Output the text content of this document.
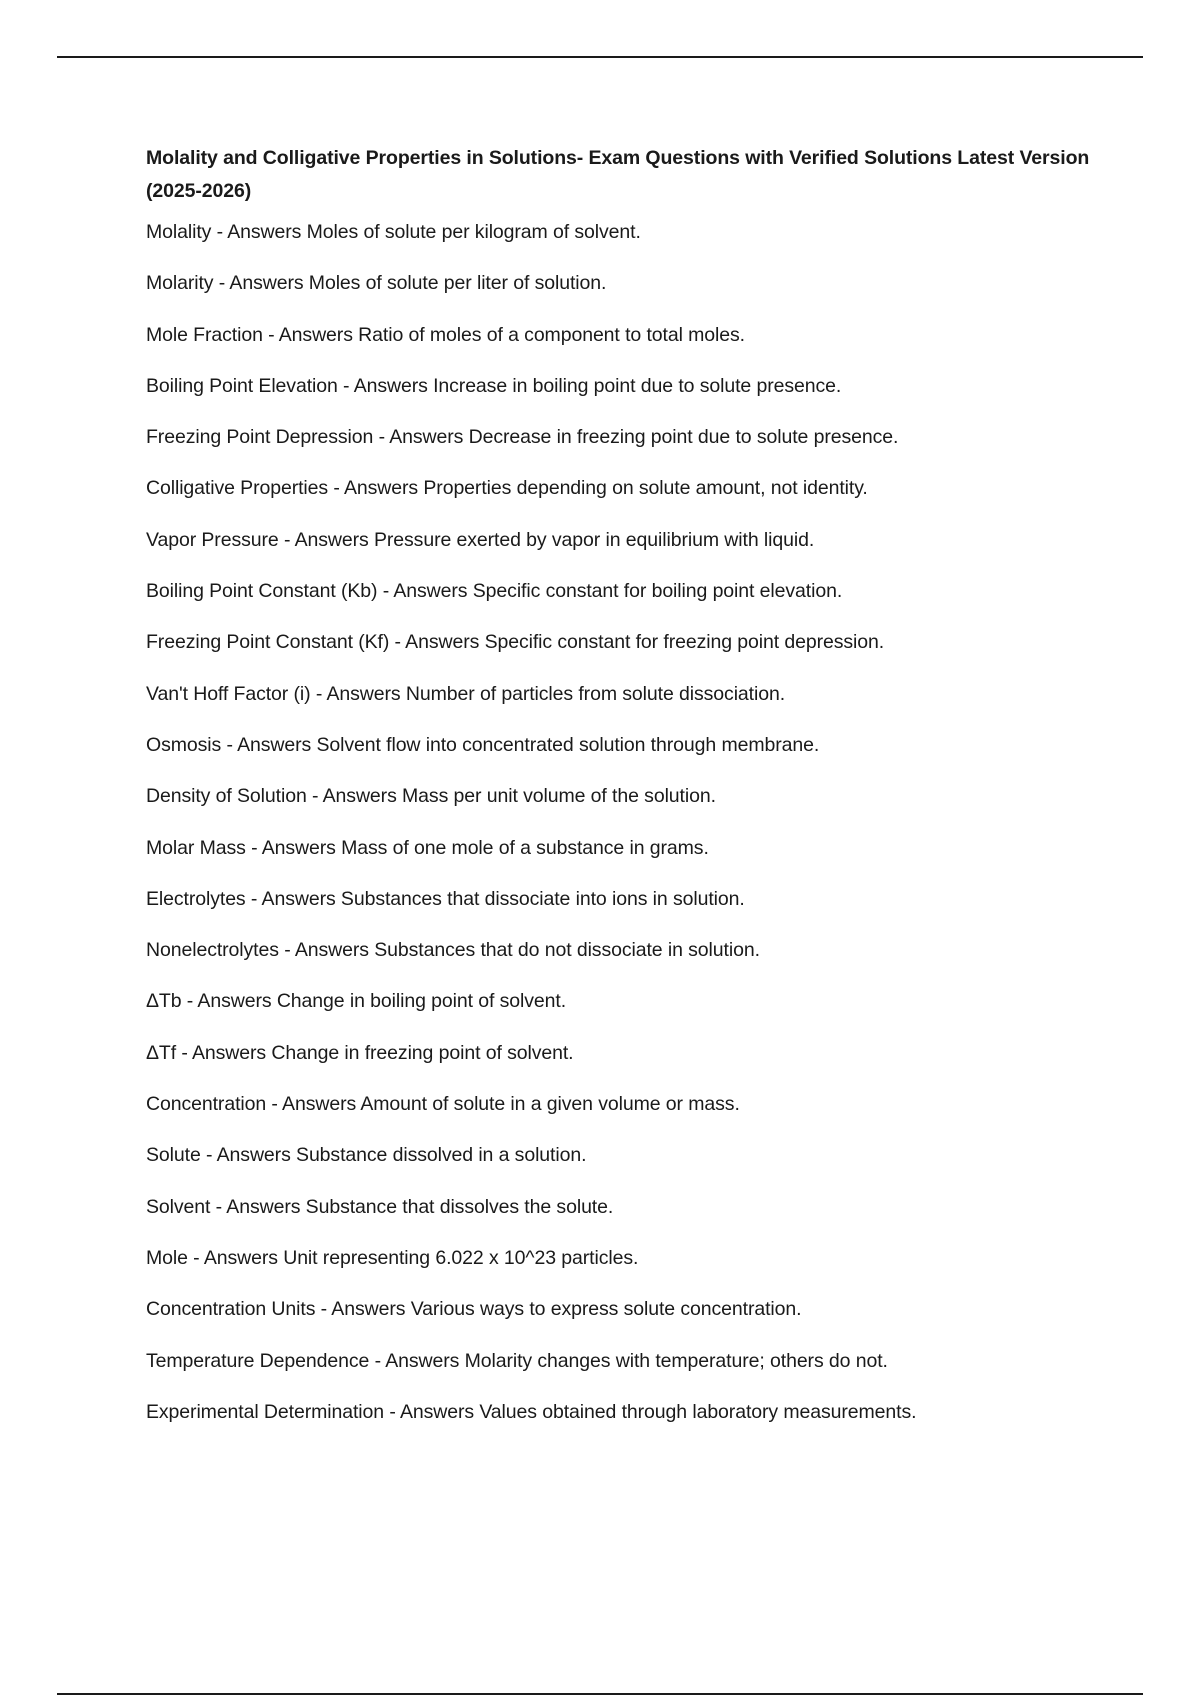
Molality and Colligative Properties in Solutions- Exam Questions with Verified Solutions Latest Version (2025-2026)
Molality - Answers Moles of solute per kilogram of solvent.
Molarity - Answers Moles of solute per liter of solution.
Mole Fraction - Answers Ratio of moles of a component to total moles.
Boiling Point Elevation - Answers Increase in boiling point due to solute presence.
Freezing Point Depression - Answers Decrease in freezing point due to solute presence.
Colligative Properties - Answers Properties depending on solute amount, not identity.
Vapor Pressure - Answers Pressure exerted by vapor in equilibrium with liquid.
Boiling Point Constant (Kb) - Answers Specific constant for boiling point elevation.
Freezing Point Constant (Kf) - Answers Specific constant for freezing point depression.
Van't Hoff Factor (i) - Answers Number of particles from solute dissociation.
Osmosis - Answers Solvent flow into concentrated solution through membrane.
Density of Solution - Answers Mass per unit volume of the solution.
Molar Mass - Answers Mass of one mole of a substance in grams.
Electrolytes - Answers Substances that dissociate into ions in solution.
Nonelectrolytes - Answers Substances that do not dissociate in solution.
ΔTb - Answers Change in boiling point of solvent.
ΔTf - Answers Change in freezing point of solvent.
Concentration - Answers Amount of solute in a given volume or mass.
Solute - Answers Substance dissolved in a solution.
Solvent - Answers Substance that dissolves the solute.
Mole - Answers Unit representing 6.022 x 10^23 particles.
Concentration Units - Answers Various ways to express solute concentration.
Temperature Dependence - Answers Molarity changes with temperature; others do not.
Experimental Determination - Answers Values obtained through laboratory measurements.
